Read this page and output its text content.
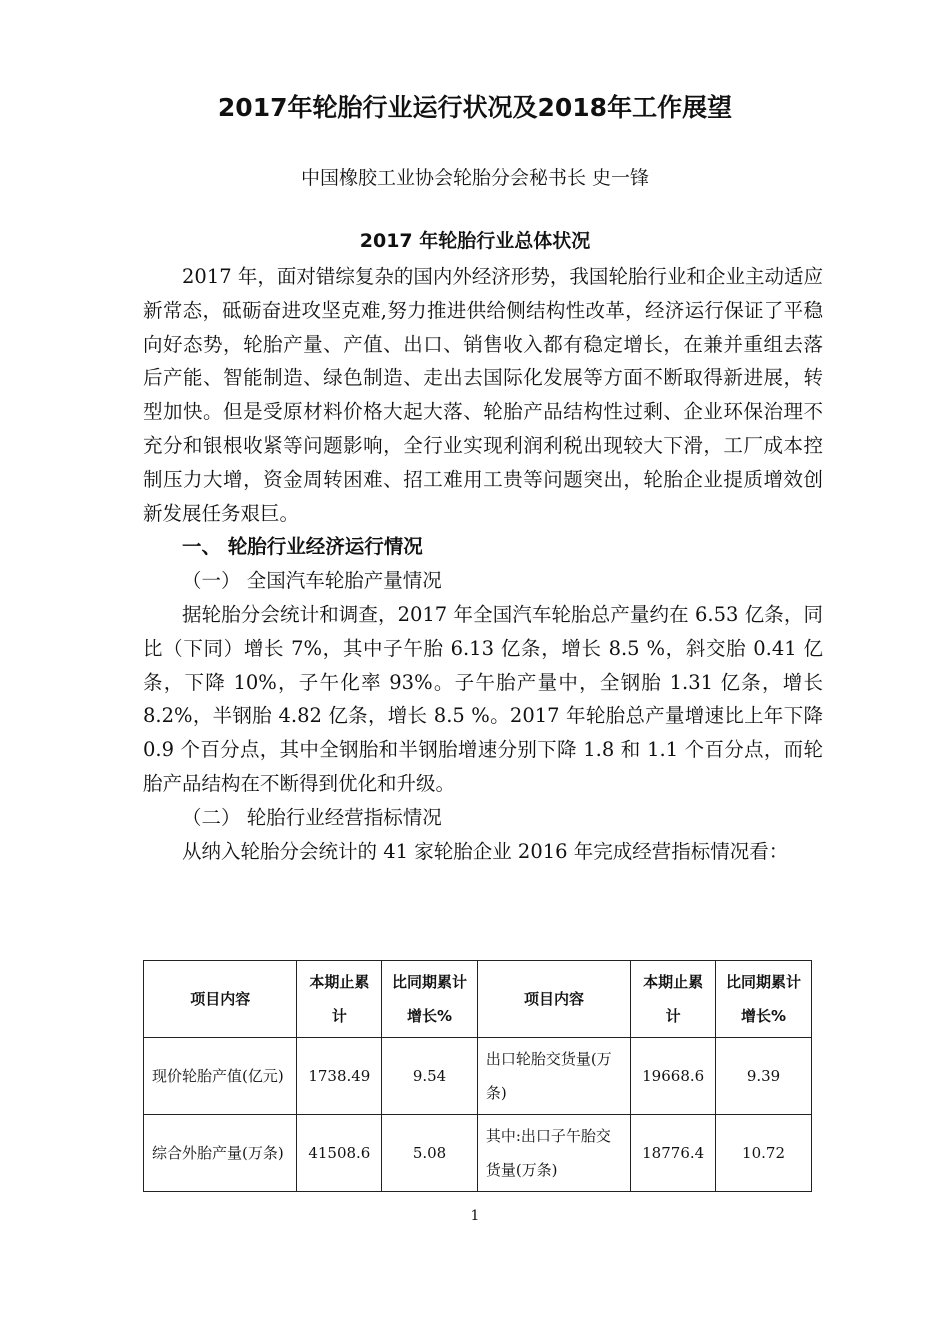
2017年轮胎行业运行状况及2018年工作展望
中国橡胶工业协会轮胎分会秘书长 史一锋
2017 年轮胎行业总体状况

2017 年，面对错综复杂的国内外经济形势，我国轮胎行业和企业主动适应新常态，砥砺奋进攻坚克难,努力推进供给侧结构性改革，经济运行保证了平稳向好态势，轮胎产量、产值、出口、销售收入都有稳定增长，在兼并重组去落后产能、智能制造、绿色制造、走出去国际化发展等方面不断取得新进展，转型加快。但是受原材料价格大起大落、轮胎产品结构性过剩、企业环保治理不充分和银根收紧等问题影响，全行业实现利润利税出现较大下滑，工厂成本控制压力大增，资金周转困难、招工难用工贵等问题突出，轮胎企业提质增效创新发展任务艰巨。

一、 轮胎行业经济运行情况

（一） 全国汽车轮胎产量情况

据轮胎分会统计和调查，2017 年全国汽车轮胎总产量约在 6.53 亿条，同比（下同）增长 7%，其中子午胎 6.13 亿条，增长 8.5 %，斜交胎 0.41 亿条，下降 10%，子午化率 93%。子午胎产量中，全钢胎 1.31 亿条，增长 8.2%，半钢胎 4.82 亿条，增长 8.5 %。2017 年轮胎总产量增速比上年下降 0.9 个百分点，其中全钢胎和半钢胎增速分别下降 1.8 和 1.1 个百分点，而轮胎产品结构在不断得到优化和升级。

（二） 轮胎行业经营指标情况

从纳入轮胎分会统计的 41 家轮胎企业 2016 年完成经营指标情况看：

项目内容	本期止累计	比同期累计增长%	项目内容	本期止累计	比同期累计增长%
现价轮胎产值(亿元)	1738.49	9.54	出口轮胎交货量(万条)	19668.6	9.39
综合外胎产量(万条)	41508.6	5.08	其中:出口子午胎交货量(万条)	18776.4	10.72
1
